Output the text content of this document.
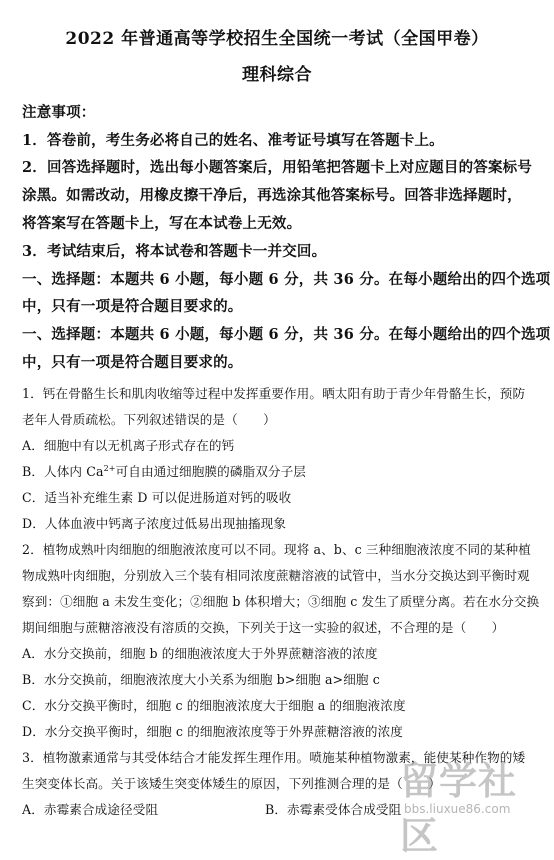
2022 年普通高等学校招生全国统一考试（全国甲卷）
理科综合
注意事项：
1．答卷前，考生务必将自己的姓名、准考证号填写在答题卡上。
2．回答选择题时，选出每小题答案后，用铅笔把答题卡上对应题目的答案标号
涂黑。如需改动，用橡皮擦干净后，再选涂其他答案标号。回答非选择题时，
将答案写在答题卡上，写在本试卷上无效。
3．考试结束后，将本试卷和答题卡一并交回。
一、选择题：本题共 6 小题，每小题 6 分，共 36 分。在每小题给出的四个选项
中，只有一项是符合题目要求的。
一、选择题：本题共 6 小题，每小题 6 分，共 36 分。在每小题给出的四个选项
中，只有一项是符合题目要求的。
1．钙在骨骼生长和肌肉收缩等过程中发挥重要作用。晒太阳有助于青少年骨骼生长，预防
老年人骨质疏松。下列叙述错误的是（　　）
A．细胞中有以无机离子形式存在的钙
B．人体内 $Ca^{2+}$可自由通过细胞膜的磷脂双分子层
C．适当补充维生素 D 可以促进肠道对钙的吸收
D．人体血液中钙离子浓度过低易出现抽搐现象
2．植物成熟叶肉细胞的细胞液浓度可以不同。现将 a、b、c 三种细胞液浓度不同的某种植
物成熟叶肉细胞，分别放入三个装有相同浓度蔗糖溶液的试管中，当水分交换达到平衡时观
察到：①细胞 a 未发生变化；②细胞 b 体积增大；③细胞 c 发生了质壁分离。若在水分交换
期间细胞与蔗糖溶液没有溶质的交换，下列关于这一实验的叙述，不合理的是（　　）
A．水分交换前，细胞 b 的细胞液浓度大于外界蔗糖溶液的浓度
B．水分交换前，细胞液浓度大小关系为细胞 b>细胞 a>细胞 c
C．水分交换平衡时，细胞 c 的细胞液浓度大于细胞 a 的细胞液浓度
D．水分交换平衡时，细胞 c 的细胞液浓度等于外界蔗糖溶液的浓度
3．植物激素通常与其受体结合才能发挥生理作用。喷施某种植物激素，能使某种作物的矮
生突变体长高。关于该矮生突变体矮生的原因，下列推测合理的是（　　）
A．赤霉素合成途径受阻	B．赤霉素受体合成受阻
留学社区
bbs.liuxue86.com
